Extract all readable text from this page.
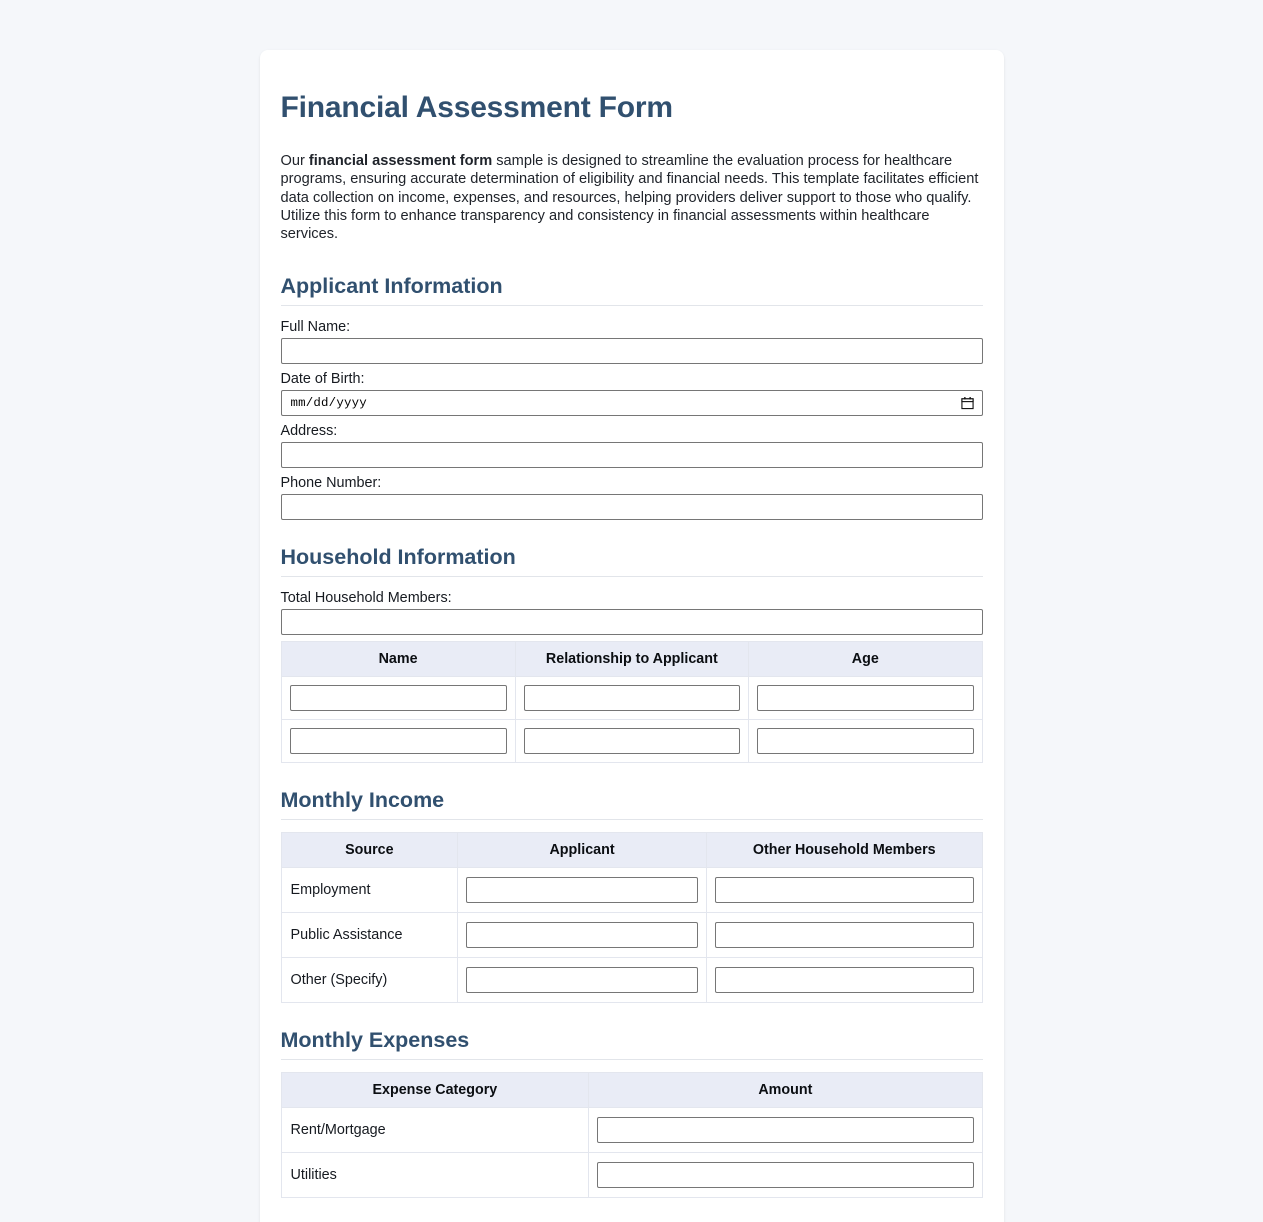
Financial Assessment Form

Our financial assessment form sample is designed to streamline the evaluation process for healthcare programs, ensuring accurate determination of eligibility and financial needs. This template facilitates efficient data collection on income, expenses, and resources, helping providers deliver support to those who qualify. Utilize this form to enhance transparency and consistency in financial assessments within healthcare services.

Applicant Information
Full Name:
Date of Birth:
mm/dd/yyyy
Address:
Phone Number:
Household Information
Total Household Members:
Name	Relationship to Applicant	Age

Monthly Income
Source	Applicant	Other Household Members
Employment	

Public Assistance	

Other (Specify)	

Monthly Expenses
Expense Category	Amount
Rent/Mortgage	

Utilities	
